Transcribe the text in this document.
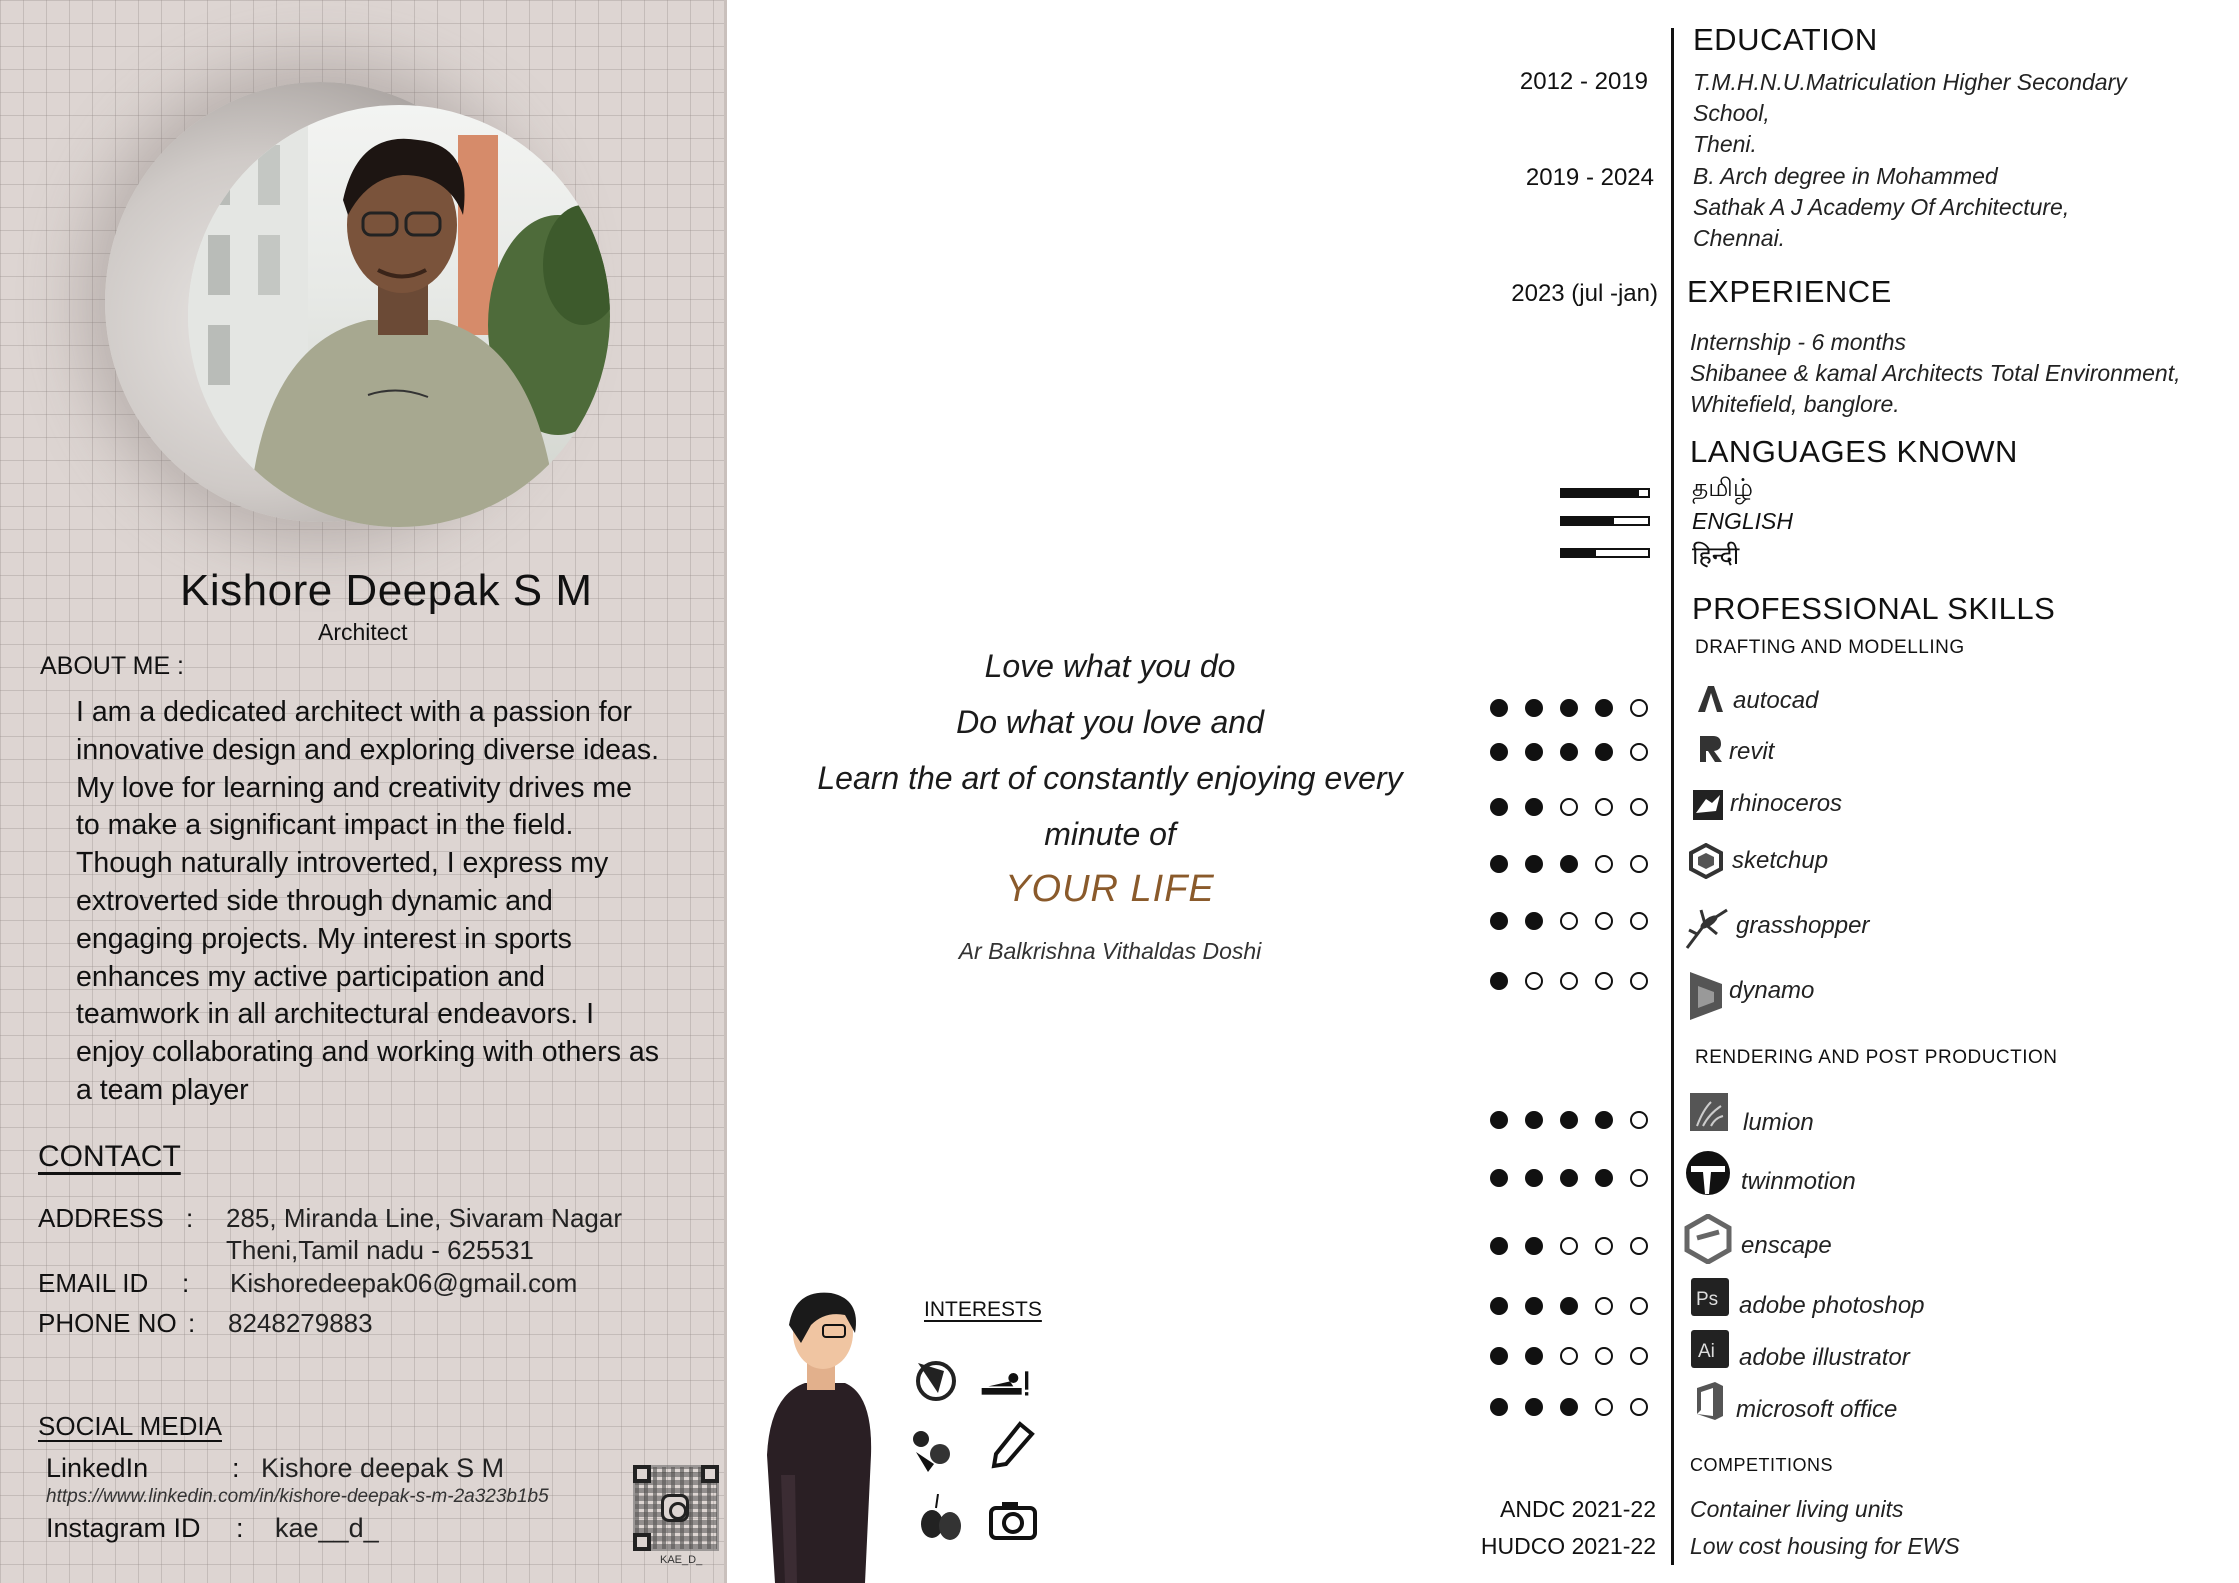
Kishore Deepak S M
Architect
ABOUT ME :
I am a dedicated architect with a passion for
innovative design and exploring diverse ideas.
My love for learning and creativity drives me
to make a significant impact in the field.
Though naturally introverted, I express my
extroverted side through dynamic and
engaging projects. My interest in sports
enhances my active participation and
teamwork in all architectural endeavors. I
enjoy collaborating and working with others as
a team player
CONTACT
ADDRESS : 285, Miranda Line, Sivaram Nagar
Theni,Tamil nadu - 625531
EMAIL ID : Kishoredeepak06@gmail.com
PHONE NO : 8248279883
SOCIAL MEDIA
LinkedIn	: Kishore deepak S M
https://www.linkedin.com/in/kishore-deepak-s-m-2a323b1b5
Instagram ID : kae__d_
KAE_D_
Love what you do
Do what you love and
Learn the art of constantly enjoying every
minute of
YOUR LIFE
Ar Balkrishna Vithaldas Doshi
INTERESTS
EDUCATION
2012 - 2019 T.M.H.N.U.Matriculation Higher Secondary
School,
Theni.
2019 - 2024 B. Arch degree in Mohammed
Sathak A J Academy Of Architecture,
Chennai.
2023 (jul -jan) EXPERIENCE
Internship - 6 months
Shibanee & kamal Architects Total Environment,
Whitefield, banglore.
LANGUAGES KNOWN
தமிழ்
ENGLISH
हिन्दी
PROFESSIONAL SKILLS
DRAFTING AND MODELLING
RENDERING AND POST PRODUCTION
autocad
revit
rhinoceros
sketchup
grasshopper
dynamo
lumion
twinmotion
enscape
Ps adobe photoshop
Ai adobe illustrator
microsoft office
COMPETITIONS
ANDC 2021-22 Container living units
HUDCO 2021-22 Low cost housing for EWS
